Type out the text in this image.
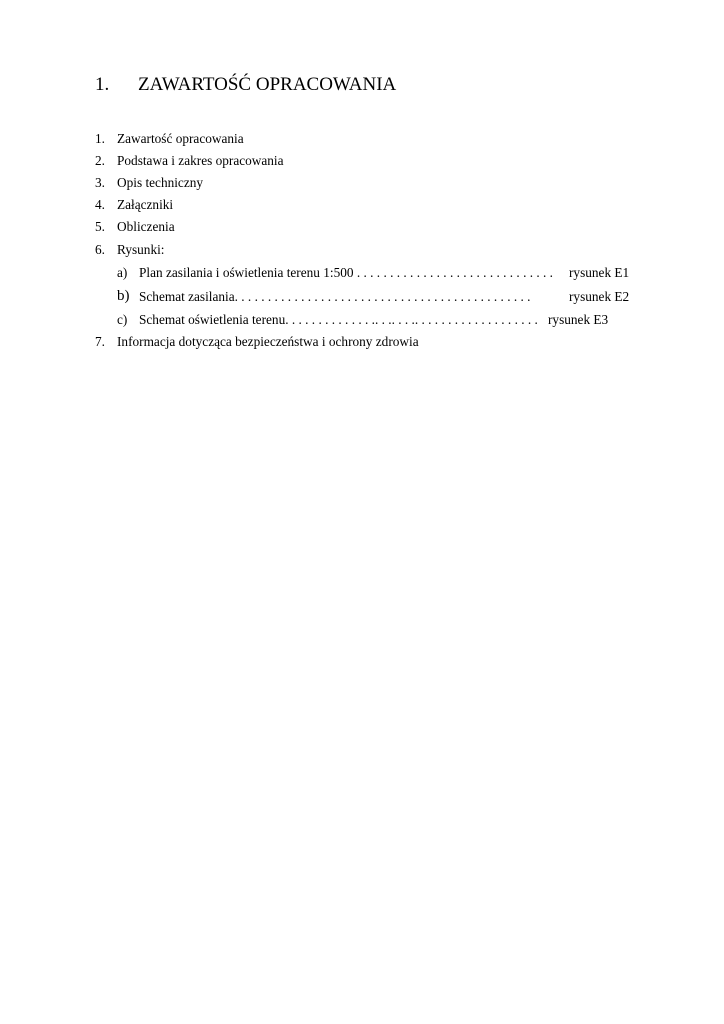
1. ZAWARTOŚĆ OPRACOWANIA
1. Zawartość opracowania
2. Podstawa i zakres opracowania
3. Opis techniczny
4. Załączniki
5. Obliczenia
6. Rysunki:
a) Plan zasilania i oświetlenia terenu 1:500 . . . . . . . . . . . . . . . . . . . . . . . . . . . . . . rysunek E1
b) Schemat zasilania. . . . . . . . . . . . . . . . . . . . . . . . . . . . . . . . . . . . . . . . . . . . .	rysunek E2
c) Schemat oświetlenia terenu. . . . . . . . . . . . . .. . .. . . .. . . . . . . . . . . . . . . . . . . rysunek E3
7. Informacja dotycząca bezpieczeństwa i ochrony zdrowia
